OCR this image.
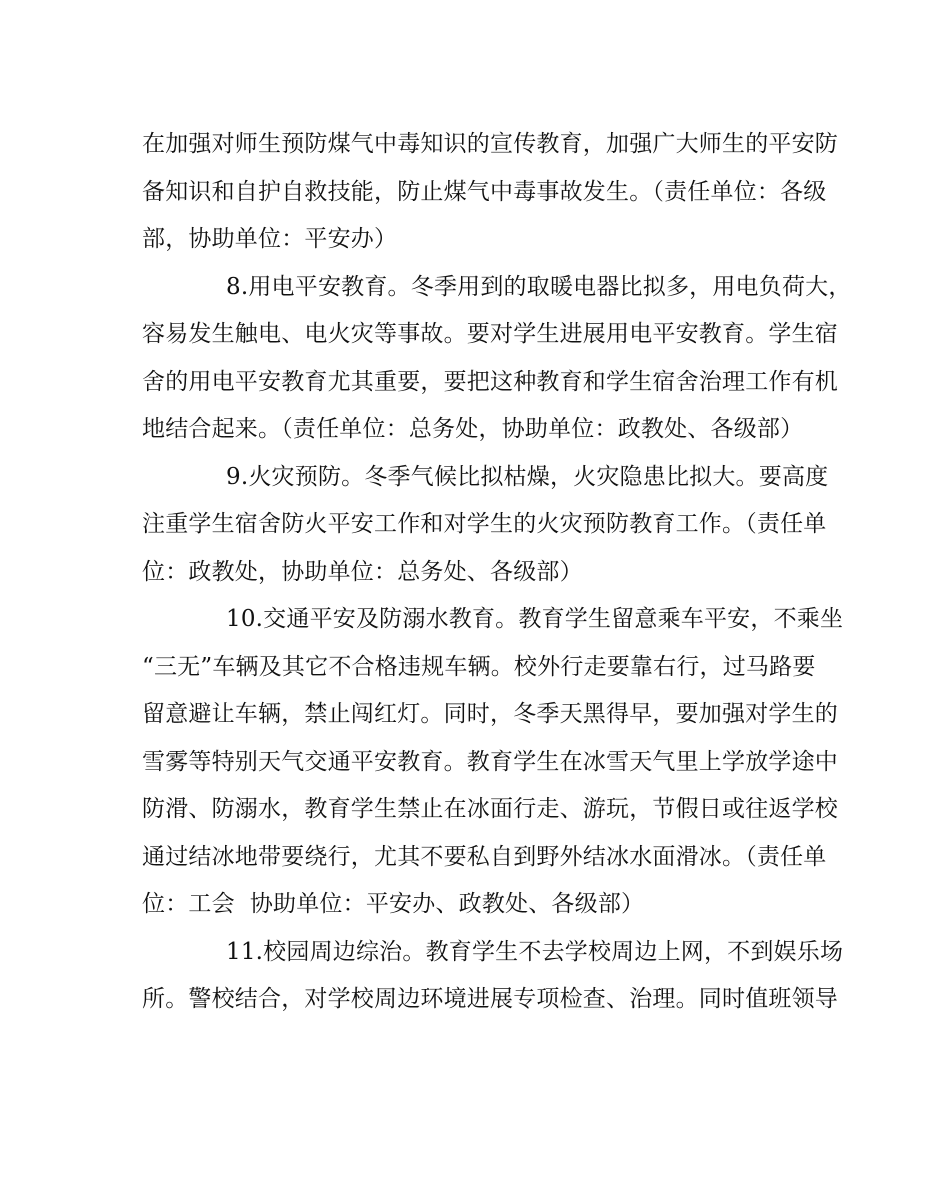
在加强对师生预防煤气中毒知识的宣传教育，加强广大师生的平安防
备知识和自护自救技能，防止煤气中毒事故发生。（责任单位：各级
部，协助单位：平安办）
8.用电平安教育。冬季用到的取暖电器比拟多，用电负荷大，
容易发生触电、电火灾等事故。要对学生进展用电平安教育。学生宿
舍的用电平安教育尤其重要，要把这种教育和学生宿舍治理工作有机
地结合起来。（责任单位：总务处，协助单位：政教处、各级部）
9.火灾预防。冬季气候比拟枯燥，火灾隐患比拟大。要高度
注重学生宿舍防火平安工作和对学生的火灾预防教育工作。（责任单
位：政教处，协助单位：总务处、各级部）
10.交通平安及防溺水教育。教育学生留意乘车平安，不乘坐
“三无”车辆及其它不合格违规车辆。校外行走要靠右行，过马路要
留意避让车辆，禁止闯红灯。同时，冬季天黑得早，要加强对学生的
雪雾等特别天气交通平安教育。教育学生在冰雪天气里上学放学途中
防滑、防溺水，教育学生禁止在冰面行走、游玩，节假日或往返学校
通过结冰地带要绕行，尤其不要私自到野外结冰水面滑冰。（责任单
位：工会  协助单位：平安办、政教处、各级部）
11.校园周边综治。教育学生不去学校周边上网，不到娱乐场
所。警校结合，对学校周边环境进展专项检查、治理。同时值班领导
